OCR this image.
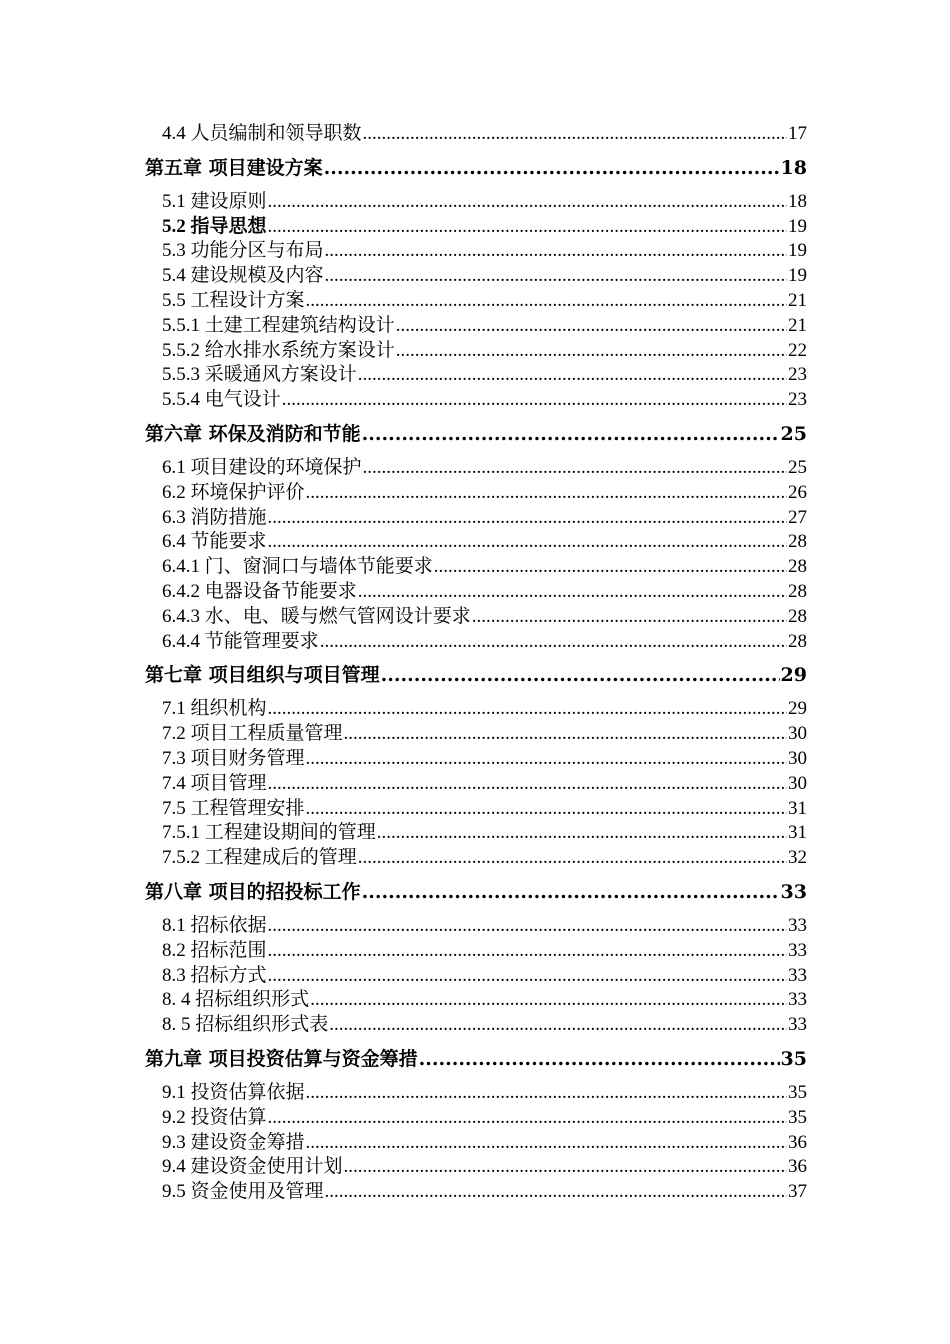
4.4 人员编制和领导职数 .....	17
第五章 项目建设方案 .....	18
5.1 建设原则 .....	18
5.2 指导思想 .....	19
5.3 功能分区与布局 .....	19
5.4 建设规模及内容 .....	19
5.5 工程设计方案 .....	21
5.5.1 土建工程建筑结构设计 .....	21
5.5.2 给水排水系统方案设计 .....	22
5.5.3 采暖通风方案设计 .....	23
5.5.4 电气设计 .....	23
第六章 环保及消防和节能 .....	25
6.1 项目建设的环境保护 .....	25
6.2 环境保护评价 .....	26
6.3 消防措施 .....	27
6.4 节能要求 .....	28
6.4.1 门、窗洞口与墙体节能要求 .....	28
6.4.2 电器设备节能要求 .....	28
6.4.3 水、电、暖与燃气管网设计要求 .....	28
6.4.4 节能管理要求 .....	28
第七章 项目组织与项目管理 .....	29
7.1 组织机构 .....	29
7.2 项目工程质量管理 .....	30
7.3 项目财务管理 .....	30
7.4 项目管理 .....	30
7.5 工程管理安排 .....	31
7.5.1 工程建设期间的管理 .....	31
7.5.2 工程建成后的管理 .....	32
第八章 项目的招投标工作 .....	33
8.1 招标依据 .....	33
8.2 招标范围 .....	33
8.3 招标方式 .....	33
8. 4 招标组织形式 .....	33
8. 5 招标组织形式表 .....	33
第九章 项目投资估算与资金筹措 .....	35
9.1 投资估算依据 .....	35
9.2 投资估算 .....	35
9.3 建设资金筹措 .....	36
9.4 建设资金使用计划 .....	36
9.5 资金使用及管理 .....	37
